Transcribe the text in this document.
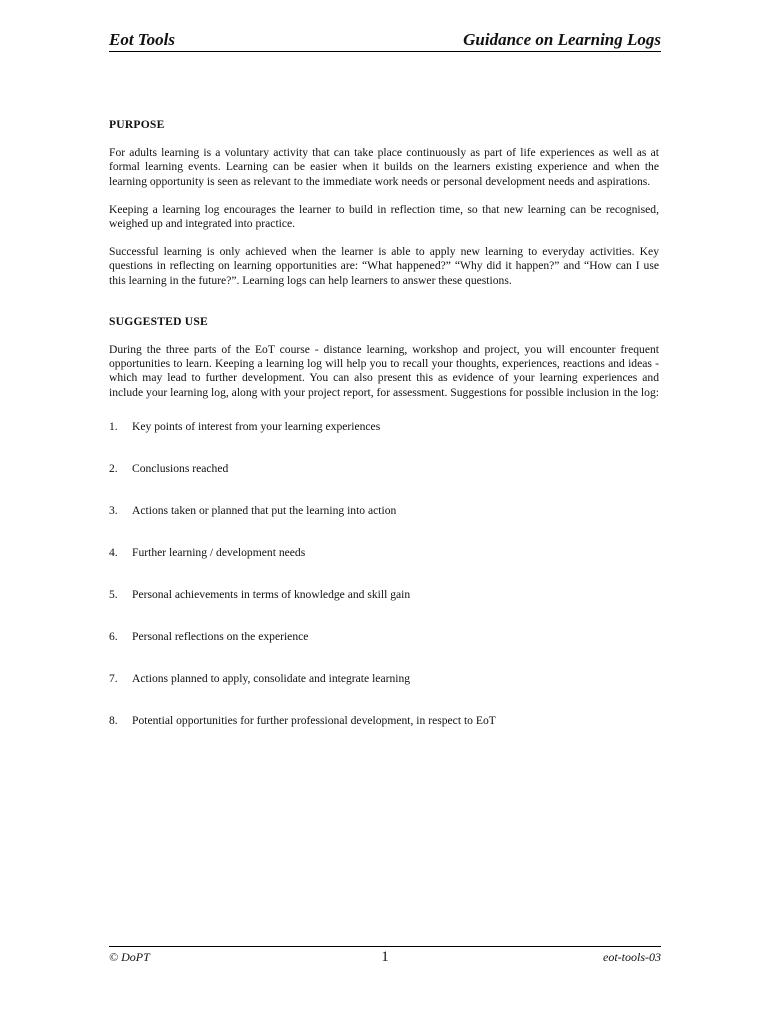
Eot Tools	Guidance on Learning Logs
PURPOSE

For adults learning is a voluntary activity that can take place continuously as part of life experiences as well as at formal learning events. Learning can be easier when it builds on the learners existing experience and when the learning opportunity is seen as relevant to the immediate work needs or personal development needs and aspirations.

Keeping a learning log encourages the learner to build in reflection time, so that new learning can be recognised, weighed up and integrated into practice.

Successful learning is only achieved when the learner is able to apply new learning to everyday activities. Key questions in reflecting on learning opportunities are: “What happened?” “Why did it happen?” and “How can I use this learning in the future?”. Learning logs can help learners to answer these questions.

SUGGESTED USE

During the three parts of the EoT course - distance learning, workshop and project, you will encounter frequent opportunities to learn. Keeping a learning log will help you to recall your thoughts, experiences, reactions and ideas - which may lead to further development. You can also present this as evidence of your learning experiences and include your learning log, along with your project report, for assessment. Suggestions for possible inclusion in the log:

1.	Key points of interest from your learning experiences
2.	Conclusions reached
3.	Actions taken or planned that put the learning into action
4.	Further learning / development needs
5.	Personal achievements in terms of knowledge and skill gain
6.	Personal reflections on the experience
7.	Actions planned to apply, consolidate and integrate learning
8.	Potential opportunities for further professional development, in respect to EoT
© DoPT	1	eot-tools-03
